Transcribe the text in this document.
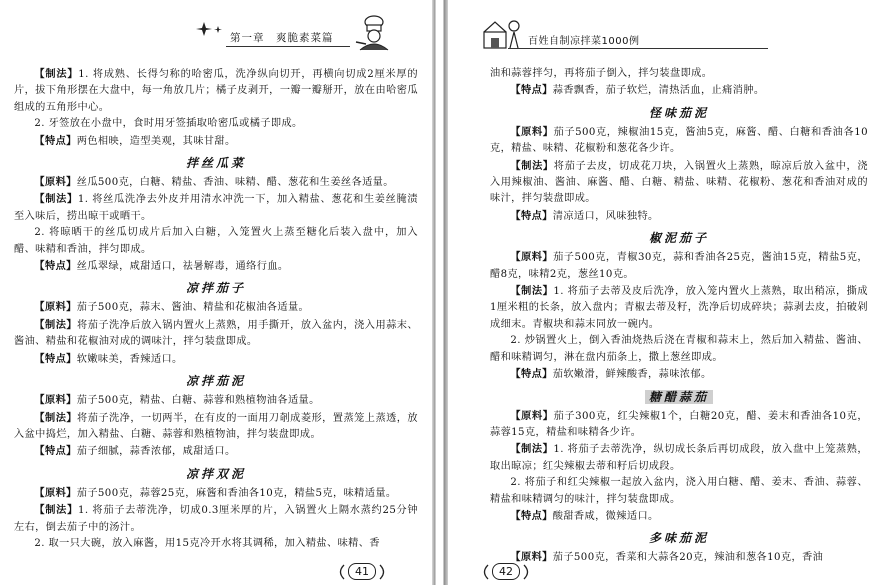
第一章　爽脆素菜篇

【制法】1. 将成熟、长得匀称的哈密瓜，洗净纵向切开，再横向切成2厘米厚的片，拔下角形摆在大盘中，每一角放几片；橘子皮剥开，一瓣一瓣掰开，放在由哈密瓜组成的五角形中心。

2. 牙签放在小盘中，食时用牙签插取哈密瓜或橘子即成。

【特点】两色相映，造型美观，其味甘甜。

拌丝瓜菜

【原料】丝瓜500克，白糖、精盐、香油、味精、醋、葱花和生姜丝各适量。

【制法】1. 将丝瓜洗净去外皮并用清水冲洗一下，加入精盐、葱花和生姜丝腌渍至入味后，捞出晾干或晒干。

2. 将晾晒干的丝瓜切成片后加入白糖，入笼置火上蒸至糖化后装入盘中，加入醋、味精和香油，拌匀即成。

【特点】丝瓜翠绿，咸甜适口，祛暑解毒，通络行血。

凉拌茄子

【原料】茄子500克，蒜末、酱油、精盐和花椒油各适量。

【制法】将茄子洗净后放入锅内置火上蒸熟，用手撕开，放入盆内，浇入用蒜末、酱油、精盐和花椒油对成的调味汁，拌匀装盘即成。

【特点】软嫩味美，香辣适口。

凉拌茄泥

【原料】茄子500克，精盐、白糖、蒜蓉和熟植物油各适量。

【制法】将茄子洗净，一切两半，在有皮的一面用刀剞成菱形，置蒸笼上蒸透，放入盆中捣烂，加入精盐、白糖、蒜蓉和熟植物油，拌匀装盘即成。

【特点】茄子细腻，蒜香浓郁，咸甜适口。

凉拌双泥

【原料】茄子500克，蒜蓉25克，麻酱和香油各10克，精盐5克，味精适量。

【制法】1. 将茄子去蒂洗净，切成0.3厘米厚的片，入锅置火上隔水蒸约25分钟左右，倒去茄子中的汤汁。

2. 取一只大碗，放入麻酱，用15克冷开水将其调稀，加入精盐、味精、香

41
百姓自制凉拌菜1000例

油和蒜蓉拌匀，再将茄子倒入，拌匀装盘即成。

【特点】蒜香飘香，茄子软烂，清热活血，止痛消肿。

怪味茄泥

【原料】茄子500克，辣椒油15克，酱油5克，麻酱、醋、白糖和香油各10克，精盐、味精、花椒粉和葱花各少许。

【制法】将茄子去皮，切成花刀块，入锅置火上蒸熟，晾凉后放入盆中，浇入用辣椒油、酱油、麻酱、醋、白糖、精盐、味精、花椒粉、葱花和香油对成的味汁，拌匀装盘即成。

【特点】清凉适口，风味独特。

椒泥茄子

【原料】茄子500克，青椒30克，蒜和香油各25克，酱油15克，精盐5克，醋8克，味精2克，葱丝10克。

【制法】1. 将茄子去蒂及皮后洗净，放入笼内置火上蒸熟，取出稍凉，撕成1厘米粗的长条，放入盘内；青椒去蒂及籽，洗净后切成碎块；蒜剥去皮，拍破剁成细末。青椒块和蒜末同放一碗内。

2. 炒锅置火上，倒入香油烧热后浇在青椒和蒜末上，然后加入精盐、酱油、醋和味精调匀，淋在盘内茄条上，撒上葱丝即成。

【特点】茄软嫩滑，鲜辣酸香，蒜味浓郁。

糖醋蒜茄

【原料】茄子300克，红尖辣椒1个，白糖20克，醋、姜末和香油各10克，蒜蓉15克，精盐和味精各少许。

【制法】1. 将茄子去蒂洗净，纵切成长条后再切成段，放入盘中上笼蒸熟，取出晾凉；红尖辣椒去蒂和籽后切成段。

2. 将茄子和红尖辣椒一起放入盆内，浇入用白糖、醋、姜末、香油、蒜蓉、精盐和味精调匀的味汁，拌匀装盘即成。

【特点】酸甜香咸，微辣适口。

多味茄泥

【原料】茄子500克，香菜和大蒜各20克，辣油和葱各10克，香油

42
